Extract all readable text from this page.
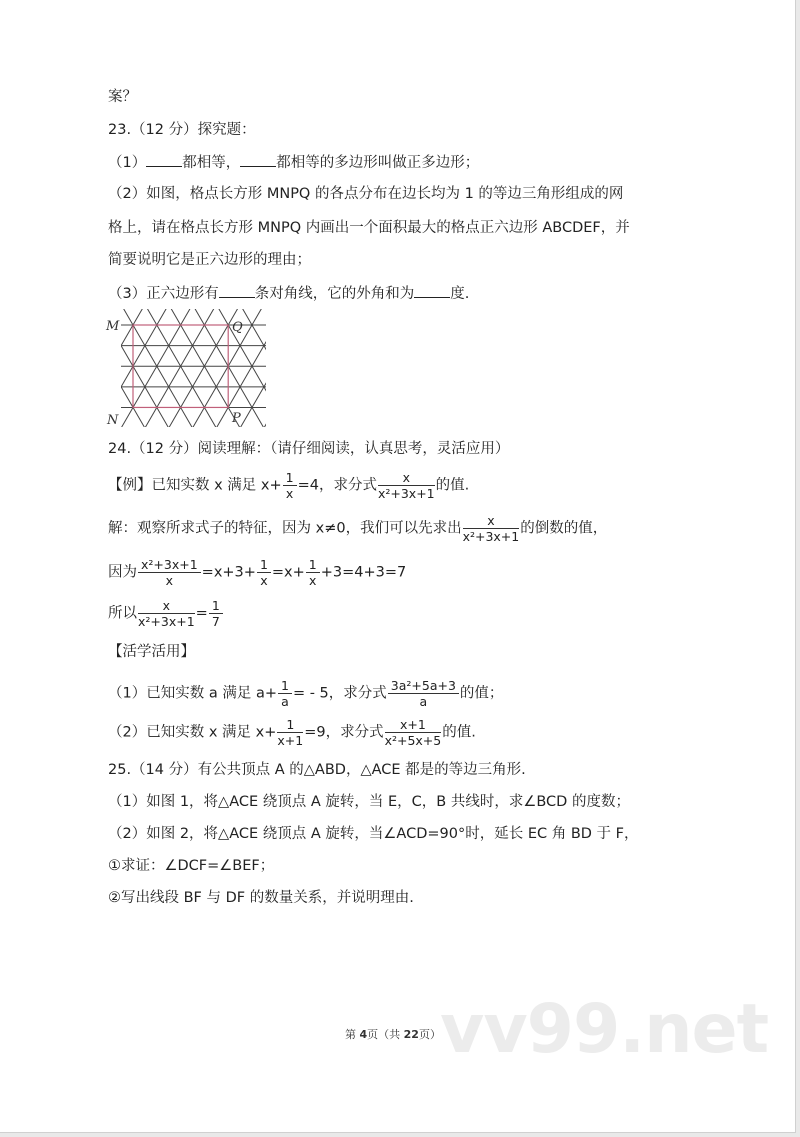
vv99.net
案？
23.（12 分）探究题：
（1） 都相等， 都相等的多边形叫做正多边形；
（2）如图，格点长方形 MNPQ 的各点分布在边长均为 1 的等边三角形组成的网
格上，请在格点长方形 MNPQ 内画出一个面积最大的格点正六边形 ABCDEF，并
简要说明它是正六边形的理由；
（3）正六边形有 条对角线，它的外角和为 度.
M	Q
N	P
24.（12 分）阅读理解：（请仔细阅读，认真思考，灵活应用）
【例】已知实数 x 满足 $x+ \frac{1}{x} =4$，求分式 $\frac{x}{\text{x²+3x+1}}$ 的值.
解：观察所求式子的特征，因为 x≠0，我们可以先求出 $\frac{x}{\text{x²+3x+1}}$ 的倒数的值，
因为 $\frac{\text{x²+3x+1}}{x} =x+3+ \frac{1}{x} =x+ \frac{1}{x} +3=4+3=7$
所以 $\frac{x}{\text{x²+3x+1}} = \frac{1}{7}$
【活学活用】
（1）已知实数 a 满足 $a+ \frac{1}{a}$ = - 5，求分式 $\frac{\text{3a²+5a+3}}{a}$ 的值；
（2）已知实数 x 满足 $x+ \frac{1}{x+1} =9$，求分式 $\frac{x+1}{\text{x²+5x+5}}$ 的值.
25.（14 分）有公共顶点 A 的△ABD，△ACE 都是的等边三角形.
（1）如图 1，将△ACE 绕顶点 A 旋转，当 E，C，B 共线时，求∠BCD 的度数；
（2）如图 2，将△ACE 绕顶点 A 旋转，当∠ACD=90°时，延长 EC 角 BD 于 F，
①求证：∠DCF=∠BEF；
②写出线段 BF 与 DF 的数量关系，并说明理由.
第 4页（共 22页）
